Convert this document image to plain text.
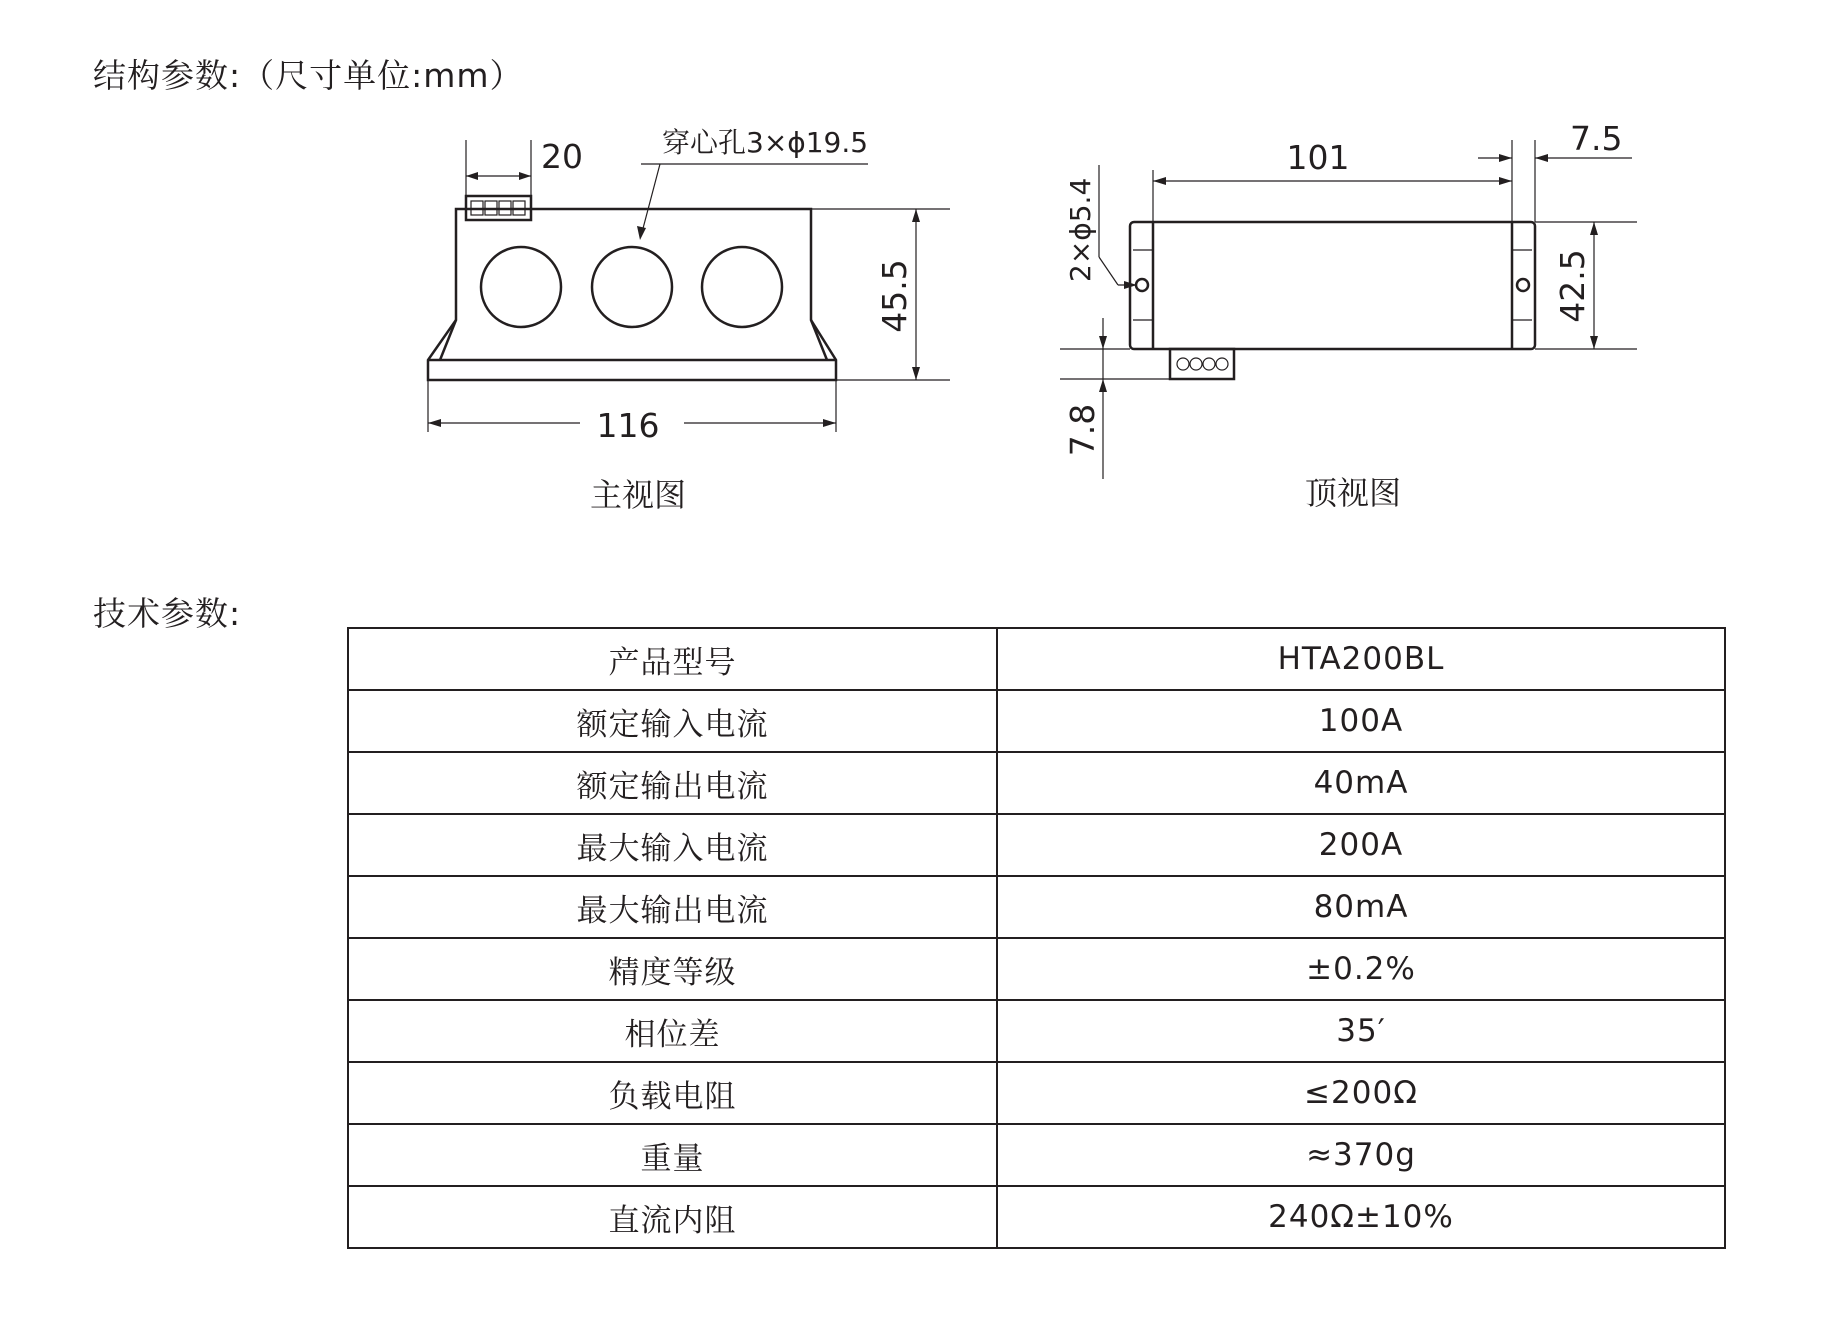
结构参数:（尺寸单位:mm）
20	穿心孔3×ϕ19.5
45.5
116
主视图
101	7.5
2×ϕ5.4
42.5
7.8
顶视图
技术参数:
产品型号	HTA200BL
额定输入电流	100A
额定输出电流	40mA
最大输入电流	200A
最大输出电流	80mA
精度等级	±0.2%
相位差	35′
负载电阻	≤200Ω
重量	≈370g
直流内阻	240Ω±10%
